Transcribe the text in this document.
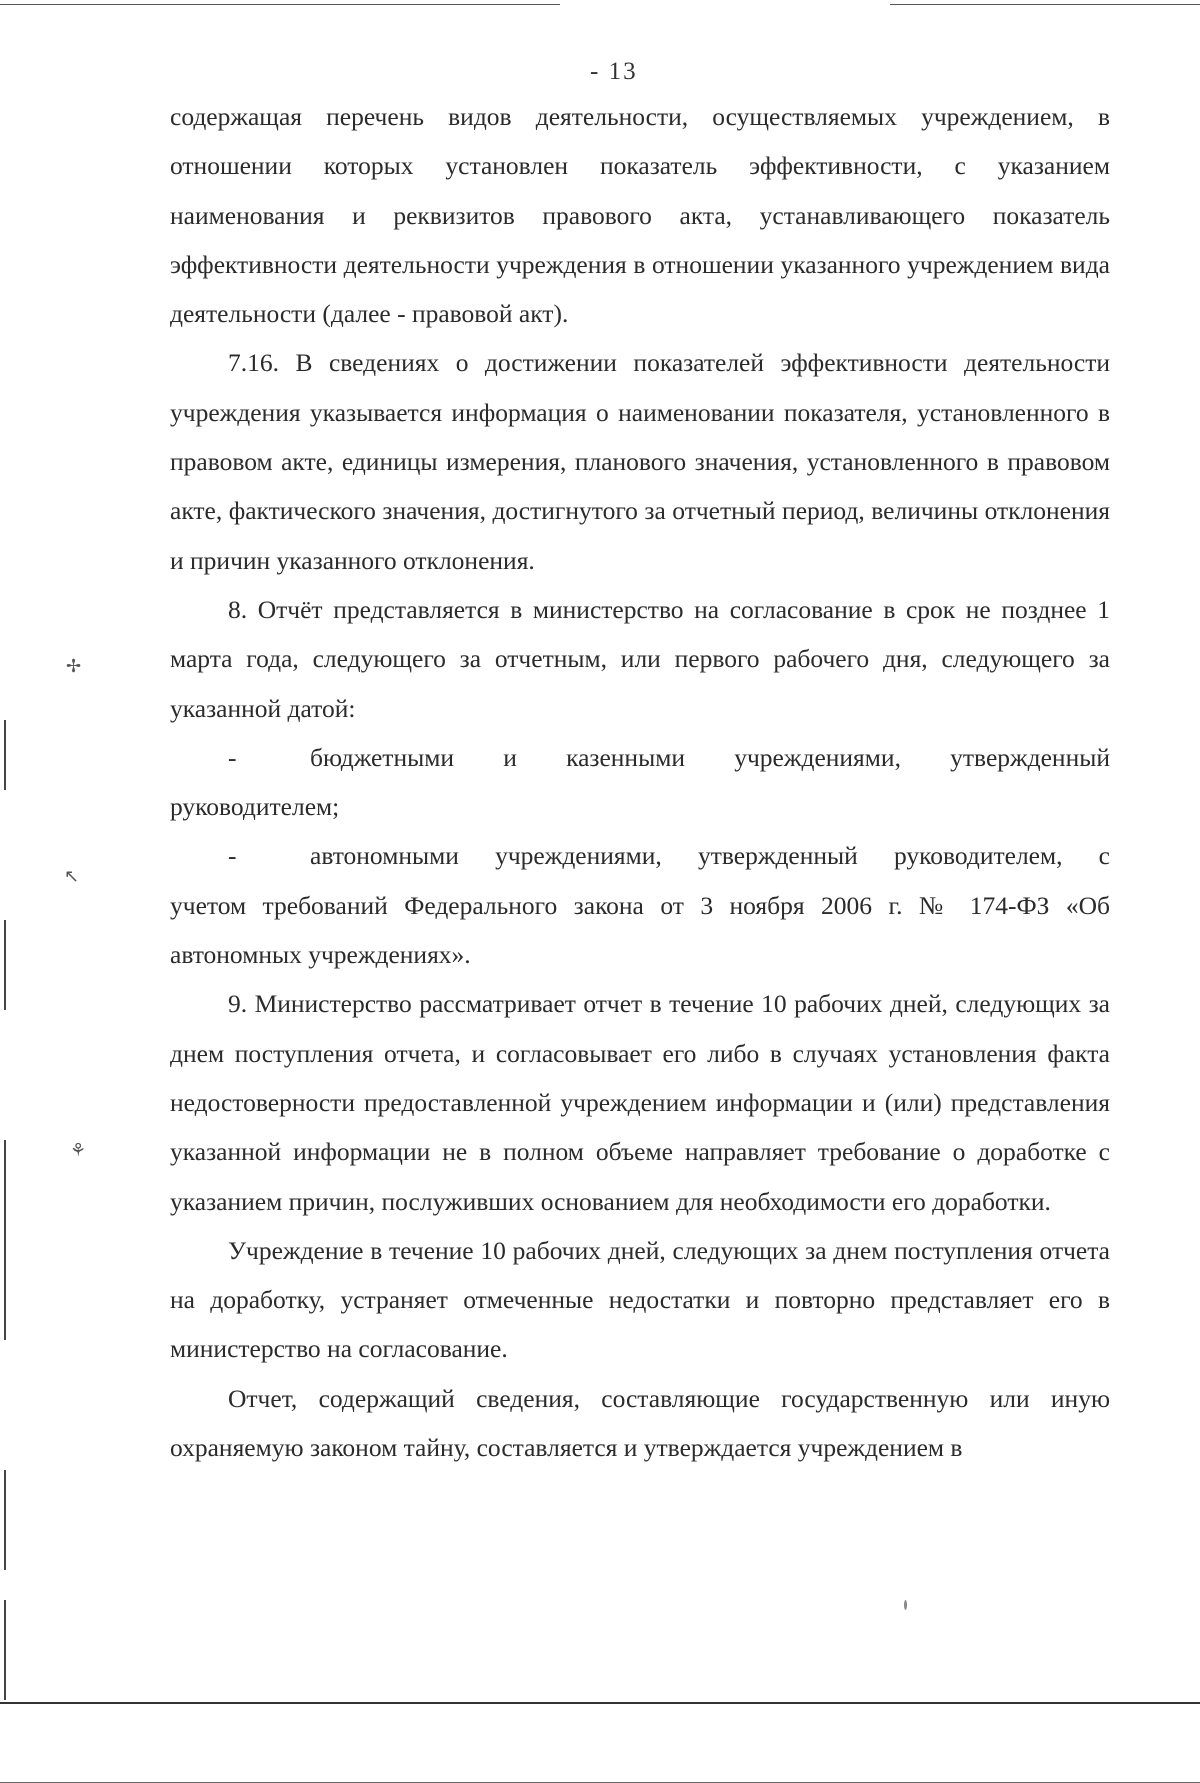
✢
↖
⚘
- 13

содержащая перечень видов деятельности, осуществляемых учреждением, в отношении которых установлен показатель эффективности, с указанием наименования и реквизитов правового акта, устанавливающего показатель эффективности деятельности учреждения в отношении указанного учреждением вида деятельности (далее - правовой акт).

7.16. В сведениях о достижении показателей эффективности деятельности учреждения указывается информация о наименовании показателя, установленного в правовом акте, единицы измерения, планового значения, установленного в правовом акте, фактического значения, достигнутого за отчетный период, величины отклонения и причин указанного отклонения.

8. Отчёт представляется в министерство на согласование в срок не позднее 1 марта года, следующего за отчетным, или первого рабочего дня, следующего за указанной датой:

-	бюджетными и казенными учреждениями, утвержденный

руководителем;

-	автономными учреждениями, утвержденный руководителем, с

учетом требований Федерального закона от 3 ноября 2006 г. № 174-ФЗ «Об автономных учреждениях».

9. Министерство рассматривает отчет в течение 10 рабочих дней, следующих за днем поступления отчета, и согласовывает его либо в случаях установления факта недостоверности предоставленной учреждением информации и (или) представления указанной информации не в полном объеме направляет требование о доработке с указанием причин, послуживших основанием для необходимости его доработки.

Учреждение в течение 10 рабочих дней, следующих за днем поступления отчета на доработку, устраняет отмеченные недостатки и повторно представляет его в министерство на согласование.

Отчет, содержащий сведения, составляющие государственную или иную охраняемую законом тайну, составляется и утверждается учреждением в
